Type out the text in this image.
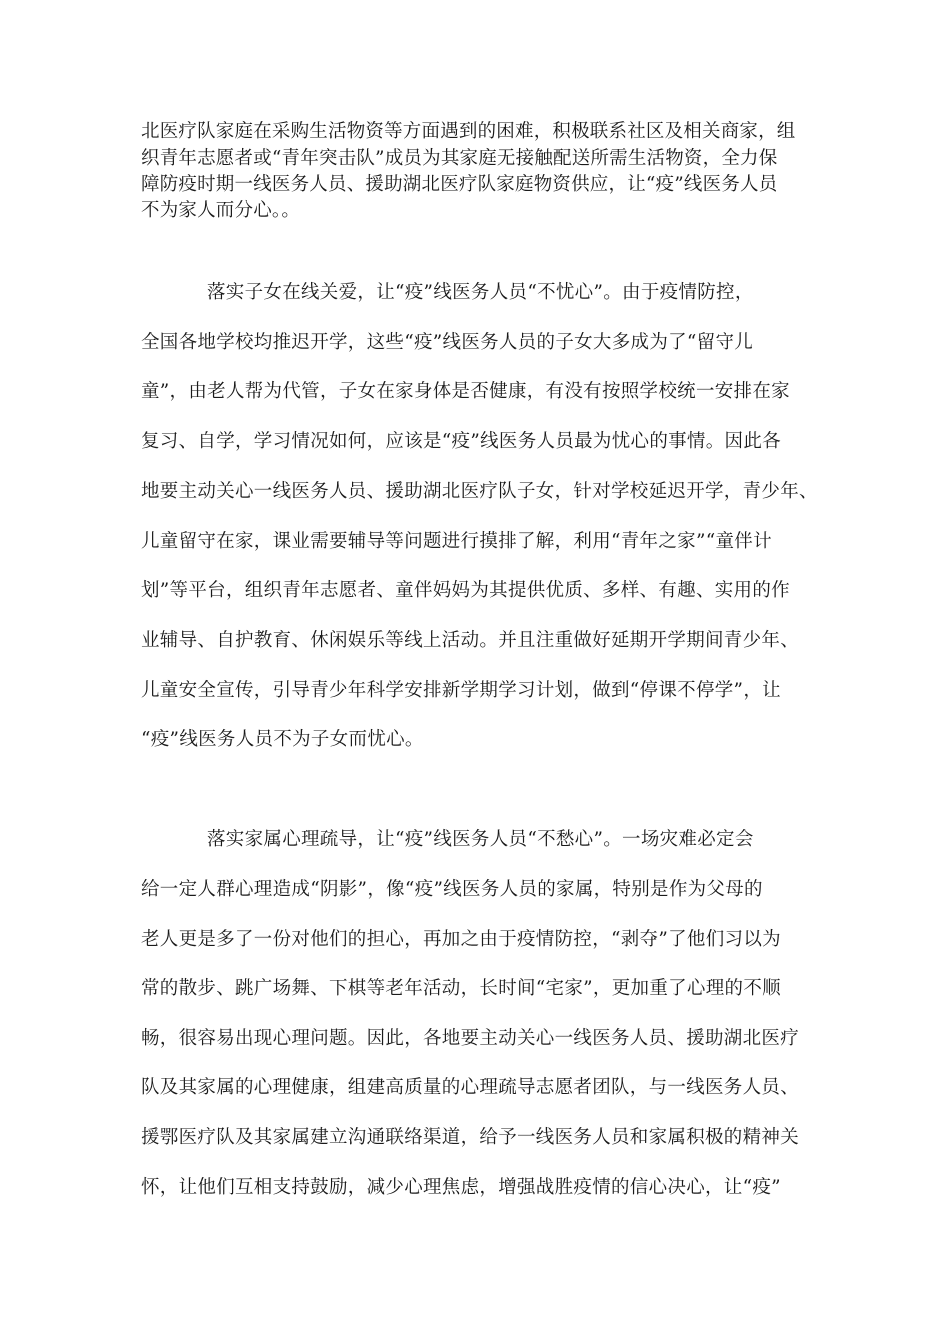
北医疗队家庭在采购生活物资等方面遇到的困难，积极联系社区及相关商家，组
织青年志愿者或“青年突击队”成员为其家庭无接触配送所需生活物资，全力保
障防疫时期一线医务人员、援助湖北医疗队家庭物资供应，让“疫”线医务人员
不为家人而分心。。
落实子女在线关爱，让“疫”线医务人员“不忧心”。由于疫情防控，
全国各地学校均推迟开学，这些“疫”线医务人员的子女大多成为了“留守儿
童”，由老人帮为代管，子女在家身体是否健康，有没有按照学校统一安排在家
复习、自学，学习情况如何，应该是“疫”线医务人员最为忧心的事情。因此各
地要主动关心一线医务人员、援助湖北医疗队子女，针对学校延迟开学，青少年、
儿童留守在家，课业需要辅导等问题进行摸排了解，利用“青年之家”“童伴计
划”等平台，组织青年志愿者、童伴妈妈为其提供优质、多样、有趣、实用的作
业辅导、自护教育、休闲娱乐等线上活动。并且注重做好延期开学期间青少年、
儿童安全宣传，引导青少年科学安排新学期学习计划，做到“停课不停学”，让
“疫”线医务人员不为子女而忧心。
落实家属心理疏导，让“疫”线医务人员“不愁心”。一场灾难必定会
给一定人群心理造成“阴影”，像“疫”线医务人员的家属，特别是作为父母的
老人更是多了一份对他们的担心，再加之由于疫情防控，“剥夺”了他们习以为
常的散步、跳广场舞、下棋等老年活动，长时间“宅家”，更加重了心理的不顺
畅，很容易出现心理问题。因此，各地要主动关心一线医务人员、援助湖北医疗
队及其家属的心理健康，组建高质量的心理疏导志愿者团队，与一线医务人员、
援鄂医疗队及其家属建立沟通联络渠道，给予一线医务人员和家属积极的精神关
怀，让他们互相支持鼓励，减少心理焦虑，增强战胜疫情的信心决心，让“疫”
